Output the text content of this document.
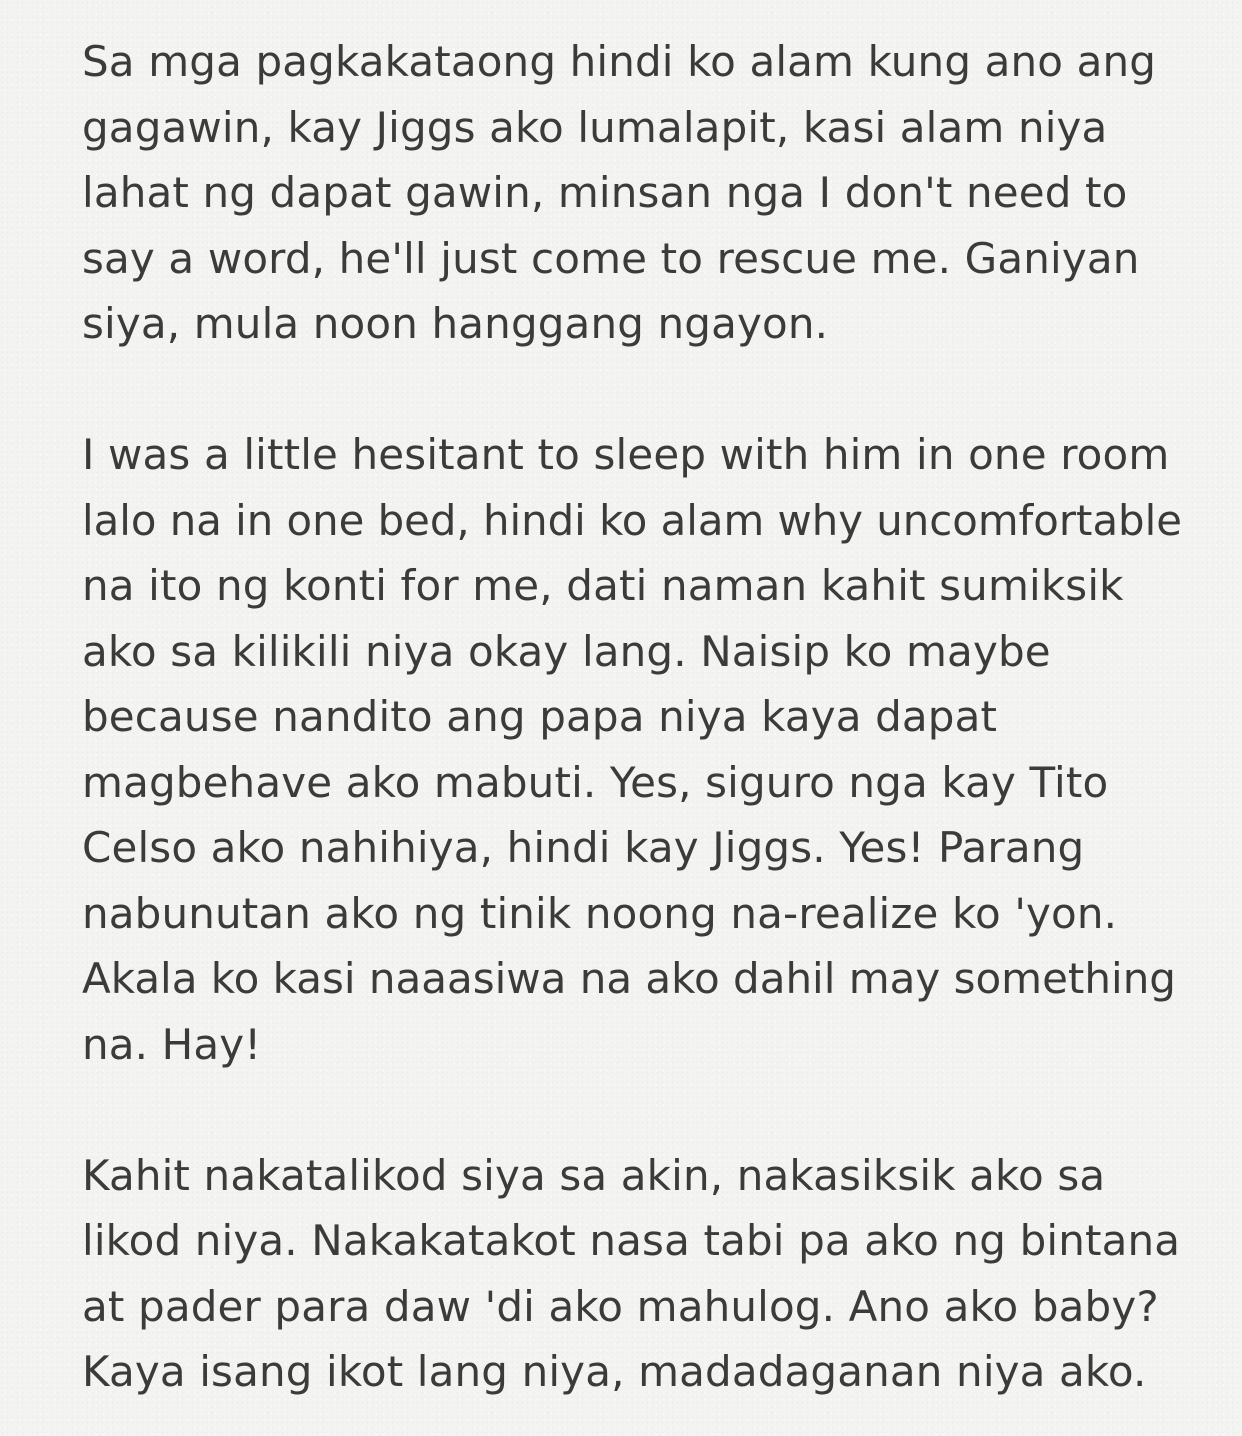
Sa mga pagkakataong hindi ko alam kung ano ang
gagawin, kay Jiggs ako lumalapit, kasi alam niya
lahat ng dapat gawin, minsan nga I don't need to
say a word, he'll just come to rescue me. Ganiyan
siya, mula noon hanggang ngayon.
I was a little hesitant to sleep with him in one room
lalo na in one bed, hindi ko alam why uncomfortable
na ito ng konti for me, dati naman kahit sumiksik
ako sa kilikili niya okay lang. Naisip ko maybe
because nandito ang papa niya kaya dapat
magbehave ako mabuti. Yes, siguro nga kay Tito
Celso ako nahihiya, hindi kay Jiggs. Yes! Parang
nabunutan ako ng tinik noong na-realize ko 'yon.
Akala ko kasi naaasiwa na ako dahil may something
na. Hay!
Kahit nakatalikod siya sa akin, nakasiksik ako sa
likod niya. Nakakatakot nasa tabi pa ako ng bintana
at pader para daw 'di ako mahulog. Ano ako baby?
Kaya isang ikot lang niya, madadaganan niya ako.
